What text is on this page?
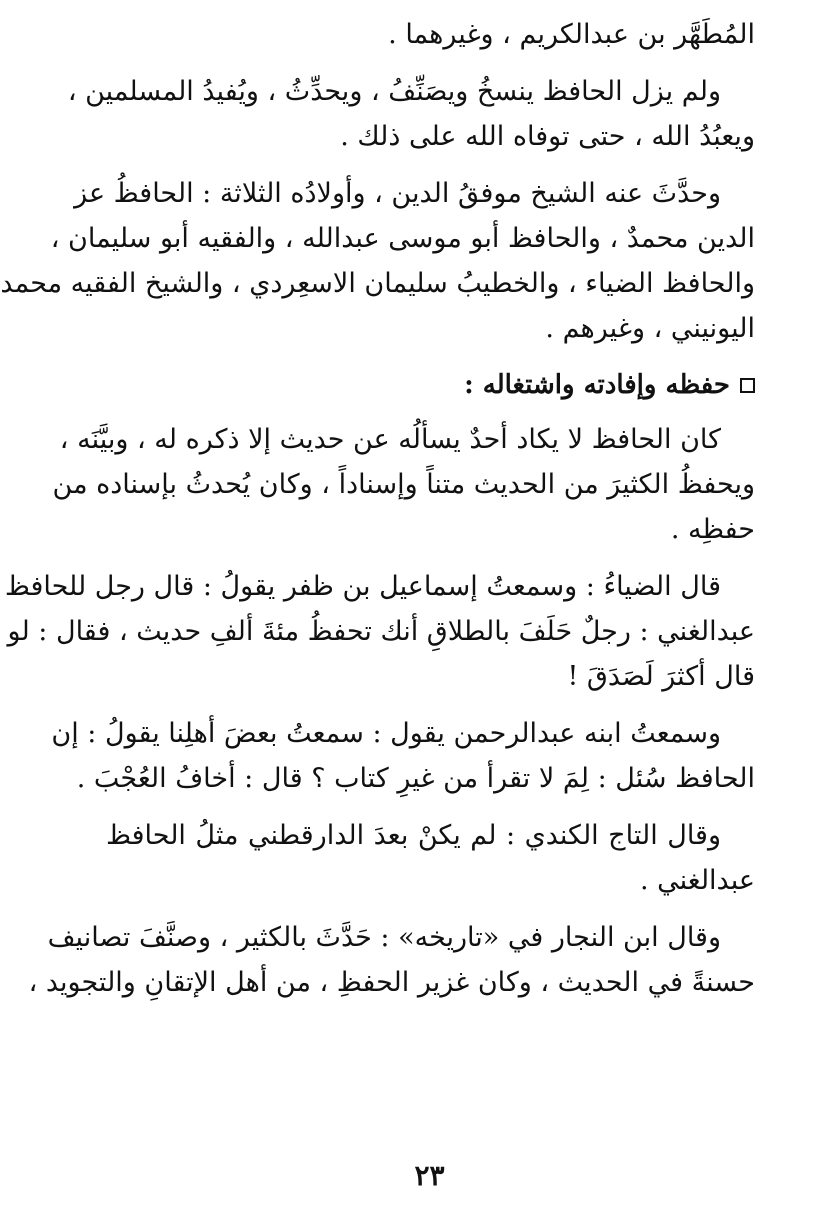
المُطَهَّر بن عبدالكريم ، وغيرهما .

ولم يزل الحافظ ينسخُ ويصَنِّفُ ، ويحدِّثُ ، ويُفيدُ المسلمين ،
ويعبُدُ الله ، حتى توفاه الله على ذلك .

وحدَّثَ عنه الشيخ موفقُ الدين ، وأولادُه الثلاثة : الحافظُ عز
الدين محمدٌ ، والحافظ أبو موسى عبدالله ، والفقيه أبو سليمان ،
والحافظ الضياء ، والخطيبُ سليمان الاسعِردي ، والشيخ الفقيه محمد
اليونيني ، وغيرهم .

حفظه وإفادته واشتغاله :

كان الحافظ لا يكاد أحدٌ يسألُه عن حديث إلا ذكره له ، وبيَّنَه ،
ويحفظُ الكثيرَ من الحديث متناً وإسناداً ، وكان يُحدثُ بإسناده من
حفظِه .

قال الضياءُ : وسمعتُ إسماعيل بن ظفر يقولُ : قال رجل للحافظ
عبدالغني : رجلٌ حَلَفَ بالطلاقِ أنك تحفظُ مئةَ ألفِ حديث ، فقال : لو
قال أكثرَ لَصَدَقَ !

وسمعتُ ابنه عبدالرحمن يقول : سمعتُ بعضَ أهلِنا يقولُ : إن
الحافظ سُئل : لِمَ لا تقرأ من غيرِ كتاب ؟ قال : أخافُ العُجْبَ .

وقال التاج الكندي : لم يكنْ بعدَ الدارقطني مثلُ الحافظ
عبدالغني .

وقال ابن النجار في «تاريخه» : حَدَّثَ بالكثير ، وصنَّفَ تصانيف
حسنةً في الحديث ، وكان غزير الحفظِ ، من أهل الإتقانِ والتجويد ،

٢٣
